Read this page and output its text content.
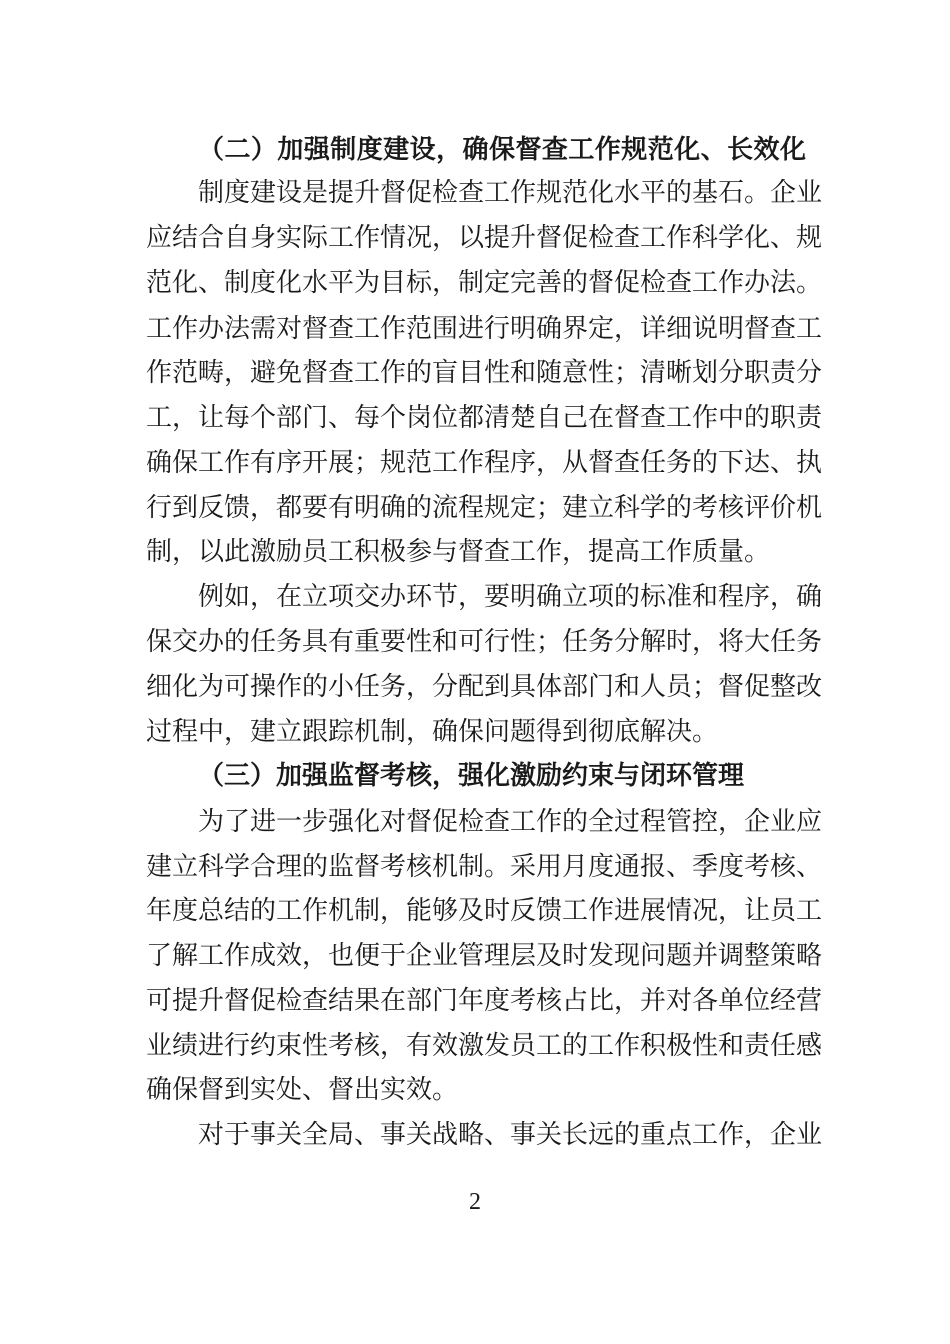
（二）加强制度建设，确保督查工作规范化、长效化
制度建设是提升督促检查工作规范化水平的基石。企业
应结合自身实际工作情况，以提升督促检查工作科学化、规
范化、制度化水平为目标，制定完善的督促检查工作办法。
工作办法需对督查工作范围进行明确界定，详细说明督查工
作范畴，避免督查工作的盲目性和随意性；清晰划分职责分
工，让每个部门、每个岗位都清楚自己在督查工作中的职责
确保工作有序开展；规范工作程序，从督查任务的下达、执
行到反馈，都要有明确的流程规定；建立科学的考核评价机
制，以此激励员工积极参与督查工作，提高工作质量。
例如，在立项交办环节，要明确立项的标准和程序，确
保交办的任务具有重要性和可行性；任务分解时，将大任务
细化为可操作的小任务，分配到具体部门和人员；督促整改
过程中，建立跟踪机制，确保问题得到彻底解决。
（三）加强监督考核，强化激励约束与闭环管理
为了进一步强化对督促检查工作的全过程管控，企业应
建立科学合理的监督考核机制。采用月度通报、季度考核、
年度总结的工作机制，能够及时反馈工作进展情况，让员工
了解工作成效，也便于企业管理层及时发现问题并调整策略
可提升督促检查结果在部门年度考核占比，并对各单位经营
业绩进行约束性考核，有效激发员工的工作积极性和责任感
确保督到实处、督出实效。
对于事关全局、事关战略、事关长远的重点工作，企业
2
